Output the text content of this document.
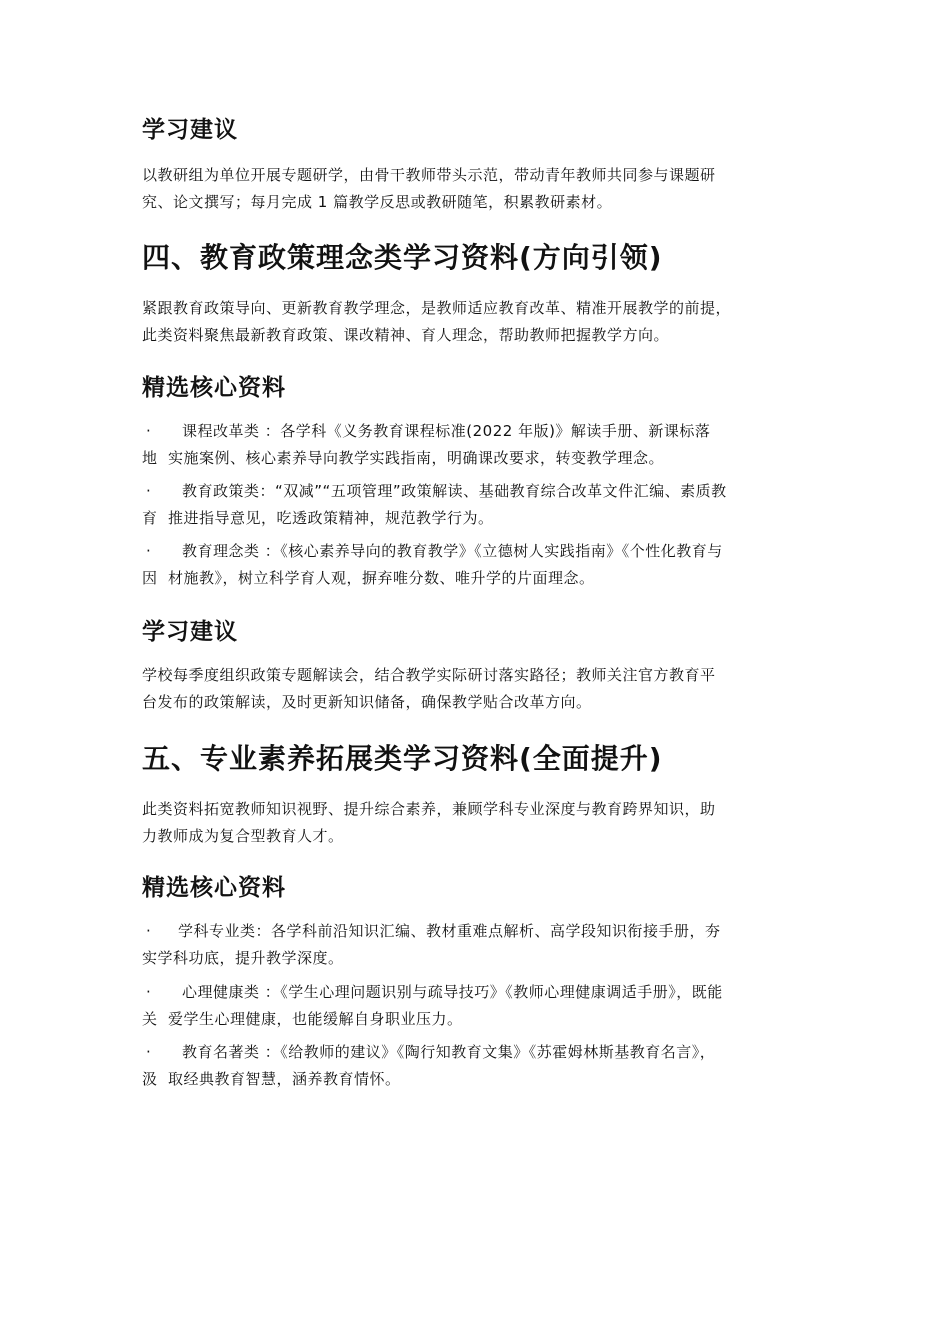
学习建议

以教研组为单位开展专题研学，由骨干教师带头示范，带动青年教师共同参与课题研

究、论文撰写；每月完成 1 篇教学反思或教研随笔，积累教研素材。

四、教育政策理念类学习资料(方向引领)

紧跟教育政策导向、更新教育教学理念，是教师适应教育改革、精准开展教学的前提，

此类资料聚焦最新教育政策、课改精神、育人理念，帮助教师把握教学方向。

精选核心资料
· 课程改革类 ：各学科《义务教育课程标准(2022 年版)》解读手册、新课标落
地 实施案例、核心素养导向教学实践指南，明确课改要求，转变教学理念。
· 教育政策类：“双减”“五项管理”政策解读、基础教育综合改革文件汇编、素质教
育 推进指导意见，吃透政策精神，规范教学行为。
· 教育理念类 ：《核心素养导向的教育教学》《立德树人实践指南》《个性化教育与
因 材施教》，树立科学育人观，摒弃唯分数、唯升学的片面理念。
学习建议

学校每季度组织政策专题解读会，结合教学实际研讨落实路径；教师关注官方教育平

台发布的政策解读，及时更新知识储备，确保教学贴合改革方向。

五、专业素养拓展类学习资料(全面提升)

此类资料拓宽教师知识视野、提升综合素养，兼顾学科专业深度与教育跨界知识，助

力教师成为复合型教育人才。

精选核心资料
· 学科专业类：各学科前沿知识汇编、教材重难点解析、高学段知识衔接手册，夯
实学科功底，提升教学深度。
· 心理健康类 ：《学生心理问题识别与疏导技巧》《教师心理健康调适手册》，既能
关 爱学生心理健康，也能缓解自身职业压力。
· 教育名著类 ：《给教师的建议》《陶行知教育文集》《苏霍姆林斯基教育名言》，
汲 取经典教育智慧，涵养教育情怀。
